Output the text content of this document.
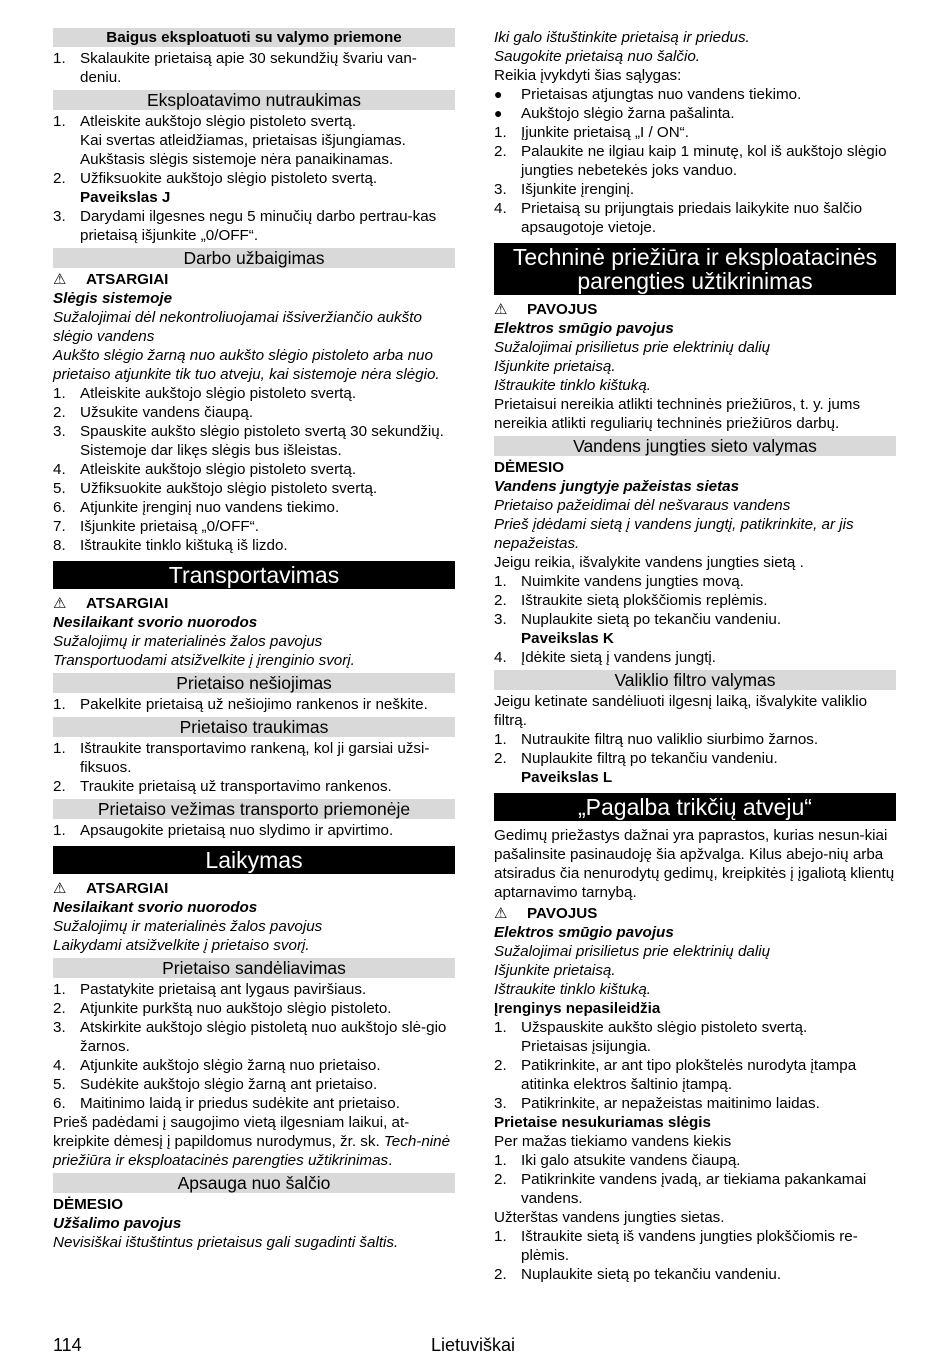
Baigus eksploatuoti su valymo priemone
1. Skalaukite prietaisą apie 30 sekundžių švariu van-deniu.
Eksploatavimo nutraukimas
1. Atleiskite aukštojo slėgio pistoleto svertą.
Kai svertas atleidžiamas, prietaisas išjungiamas. Aukštasis slėgis sistemoje nėra panaikinamas.
2. Užfiksuokite aukštojo slėgio pistoleto svertą.
Paveikslas J
3. Darydami ilgesnes negu 5 minučių darbo pertrau-kas prietaisą išjunkite „0/OFF“.
Darbo užbaigimas
⚠ ATSARGIAI
Slėgis sistemoje
Sužalojimai dėl nekontroliuojamai išsiveržiančio aukšto slėgio vandens
Aukšto slėgio žarną nuo aukšto slėgio pistoleto arba nuo prietaiso atjunkite tik tuo atveju, kai sistemoje nėra slėgio.
1. Atleiskite aukštojo slėgio pistoleto svertą.
2. Užsukite vandens čiaupą.
3. Spauskite aukšto slėgio pistoleto svertą 30 sekundžių.
Sistemoje dar likęs slėgis bus išleistas.
4. Atleiskite aukštojo slėgio pistoleto svertą.
5. Užfiksuokite aukštojo slėgio pistoleto svertą.
6. Atjunkite įrenginį nuo vandens tiekimo.
7. Išjunkite prietaisą „0/OFF“.
8. Ištraukite tinklo kištuką iš lizdo.
Transportavimas
⚠ ATSARGIAI
Nesilaikant svorio nuorodos
Sužalojimų ir materialinės žalos pavojus
Transportuodami atsižvelkite į įrenginio svorį.
Prietaiso nešiojimas
1. Pakelkite prietaisą už nešiojimo rankenos ir neškite.
Prietaiso traukimas
1. Ištraukite transportavimo rankeną, kol ji garsiai užsi-fiksuos.
2. Traukite prietaisą už transportavimo rankenos.
Prietaiso vežimas transporto priemonėje
1. Apsaugokite prietaisą nuo slydimo ir apvirtimo.
Laikymas
⚠ ATSARGIAI
Nesilaikant svorio nuorodos
Sužalojimų ir materialinės žalos pavojus
Laikydami atsižvelkite į prietaiso svorį.
Prietaiso sandėliavimas
1. Pastatykite prietaisą ant lygaus paviršiaus.
2. Atjunkite purkštą nuo aukštojo slėgio pistoleto.
3. Atskirkite aukštojo slėgio pistoletą nuo aukštojo slė-gio žarnos.
4. Atjunkite aukštojo slėgio žarną nuo prietaiso.
5. Sudėkite aukštojo slėgio žarną ant prietaiso.
6. Maitinimo laidą ir priedus sudėkite ant prietaiso.
Prieš padėdami į saugojimo vietą ilgesniam laikui, at-kreipkite dėmesį į papildomus nurodymus, žr. sk. Tech-ninė priežiūra ir eksploatacinės parengties užtikrinimas.
Apsauga nuo šalčio
DĖMESIO
Užšalimo pavojus
Nevisiškai ištuštintus prietaisus gali sugadinti šaltis.
Iki galo ištuštinkite prietaisą ir priedus.
Saugokite prietaisą nuo šalčio.
Reikia įvykdyti šias sąlygas:
●	Prietaisas atjungtas nuo vandens tiekimo.
●	Aukštojo slėgio žarna pašalinta.
1. Įjunkite prietaisą „I / ON“.
2. Palaukite ne ilgiau kaip 1 minutę, kol iš aukštojo slėgio jungties nebetekės joks vanduo.
3. Išjunkite įrenginį.
4. Prietaisą su prijungtais priedais laikykite nuo šalčio apsaugotoje vietoje.
Techninė priežiūra ir eksploatacinės parengties užtikrinimas
⚠ PAVOJUS
Elektros smūgio pavojus
Sužalojimai prisilietus prie elektrinių dalių
Išjunkite prietaisą.
Ištraukite tinklo kištuką.
Prietaisui nereikia atlikti techninės priežiūros, t. y. jums nereikia atlikti reguliarių techninės priežiūros darbų.
Vandens jungties sieto valymas
DĖMESIO
Vandens jungtyje pažeistas sietas
Prietaiso pažeidimai dėl nešvaraus vandens
Prieš įdėdami sietą į vandens jungtį, patikrinkite, ar jis nepažeistas.
Jeigu reikia, išvalykite vandens jungties sietą .
1. Nuimkite vandens jungties movą.
2. Ištraukite sietą plokščiomis replėmis.
3. Nuplaukite sietą po tekančiu vandeniu.
Paveikslas K
4. Įdėkite sietą į vandens jungtį.
Valiklio filtro valymas
Jeigu ketinate sandėliuoti ilgesnį laiką, išvalykite valiklio filtrą.
1. Nutraukite filtrą nuo valiklio siurbimo žarnos.
2. Nuplaukite filtrą po tekančiu vandeniu.
Paveikslas L
„Pagalba trikčių atveju“
Gedimų priežastys dažnai yra paprastos, kurias nesun-kiai pašalinsite pasinaudoję šia apžvalga. Kilus abejo-nių arba atsiradus čia nenurodytų gedimų, kreipkitės į įgaliotą klientų aptarnavimo tarnybą.
⚠ PAVOJUS
Elektros smūgio pavojus
Sužalojimai prisilietus prie elektrinių dalių
Išjunkite prietaisą.
Ištraukite tinklo kištuką.
Įrenginys nepasileidžia
1. Užspauskite aukšto slėgio pistoleto svertą.
Prietaisas įsijungia.
2. Patikrinkite, ar ant tipo plokštelės nurodyta įtampa atitinka elektros šaltinio įtampą.
3. Patikrinkite, ar nepažeistas maitinimo laidas.
Prietaise nesukuriamas slėgis
Per mažas tiekiamo vandens kiekis
1. Iki galo atsukite vandens čiaupą.
2. Patikrinkite vandens įvadą, ar tiekiama pakankamai vandens.
Užterštas vandens jungties sietas.
1. Ištraukite sietą iš vandens jungties plokščiomis re-plėmis.
2. Nuplaukite sietą po tekančiu vandeniu.
114	Lietuviškai
